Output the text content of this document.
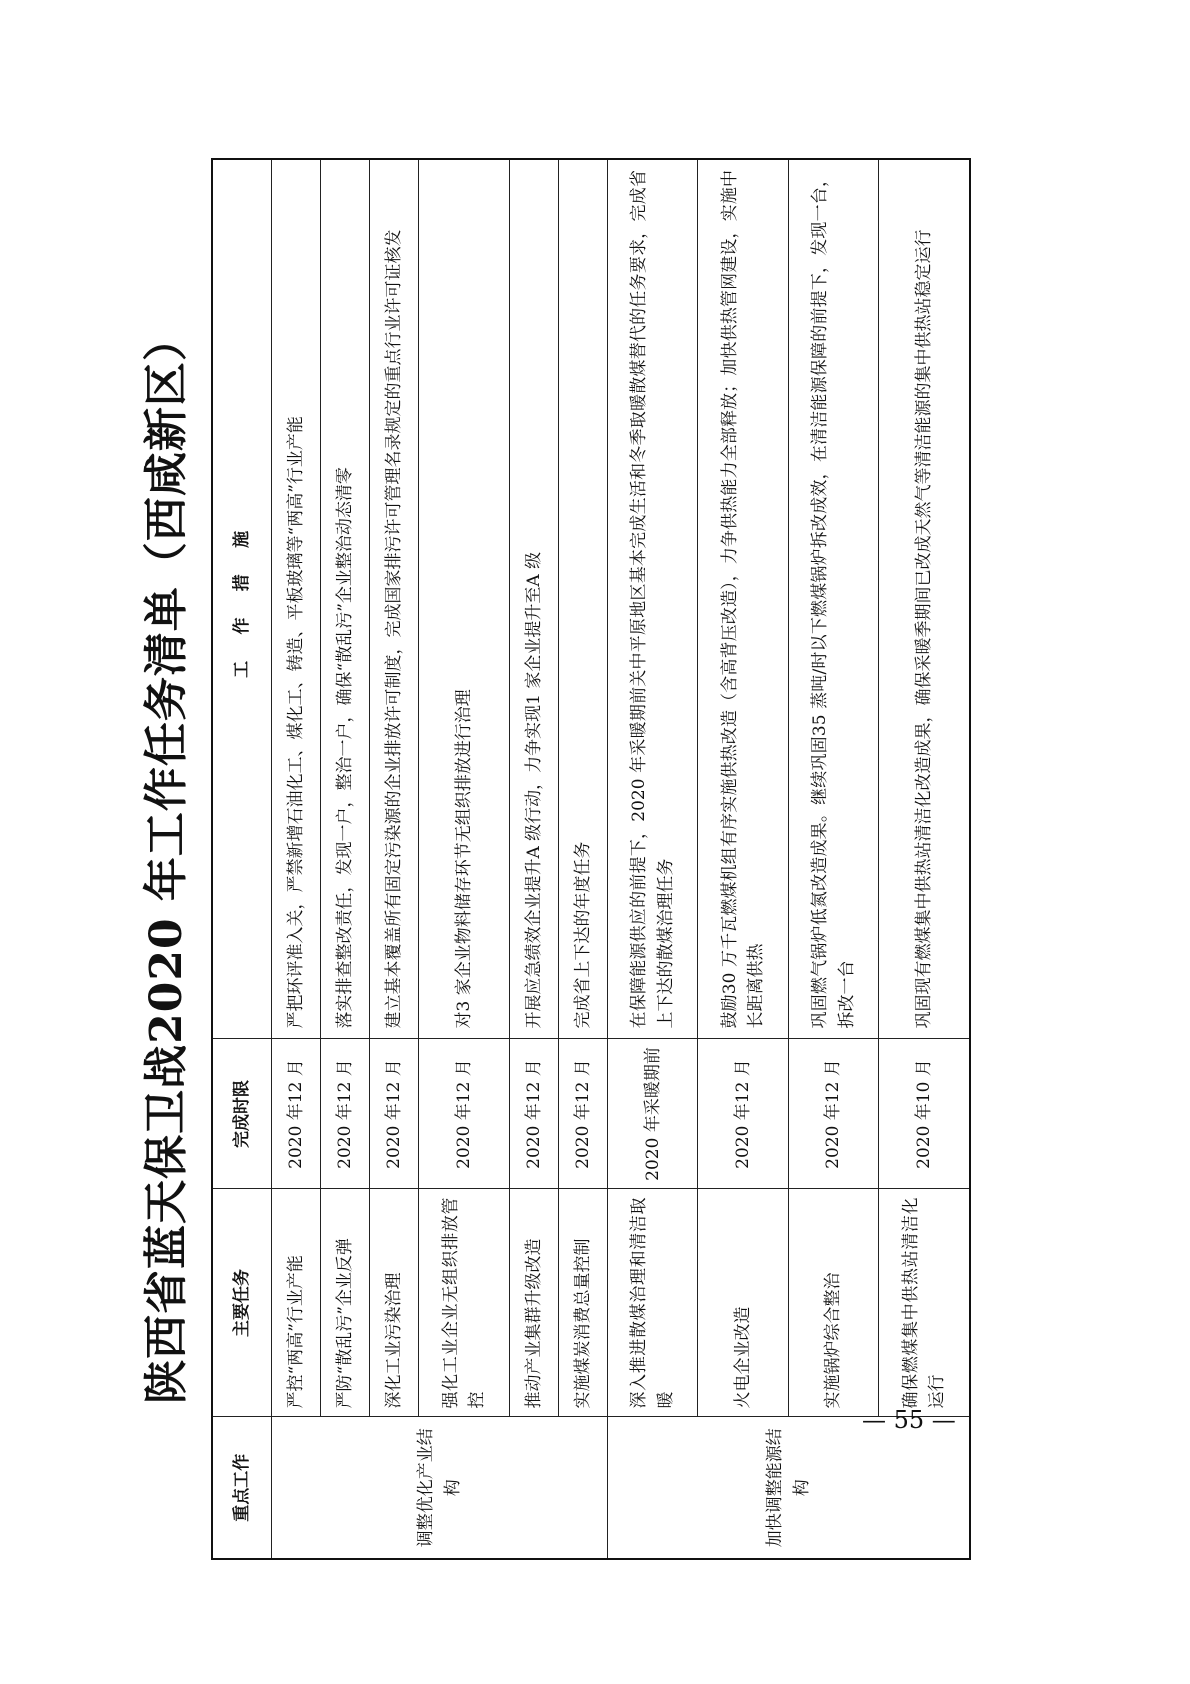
陕西省蓝天保卫战2020 年工作任务清单（西咸新区）
重点工作	主要任务	完成时限	工 作 措 施
调整优化产业结构	严控“两高”行业产能	2020 年12 月	严把环评准入关，严禁新增石油化工、煤化工、铸造、平板玻璃等“两高”行业产能
	严防“散乱污”企业反弹	2020 年12 月	落实排查整改责任，发现一户，整治一户，确保“散乱污”企业整治动态清零
	深化工业污染治理	2020 年12 月	建立基本覆盖所有固定污染源的企业排放许可制度，完成国家排污许可管理名录规定的重点行业许可证核发
	强化工业企业无组织排放管控	2020 年12 月	对3 家企业物料储存环节无组织排放进行治理
	推动产业集群升级改造	2020 年12 月	开展应急绩效企业提升A 级行动，力争实现1 家企业提升至A 级
	实施煤炭消费总量控制	2020 年12 月	完成省上下达的年度任务
加快调整能源结构	深入推进散煤治理和清洁取暖	2020 年采暖期前	在保障能源供应的前提下，2020 年采暖期前关中平原地区基本完成生活和冬季取暖散煤替代的任务要求，完成省上下达的散煤治理任务
	火电企业改造	2020 年12 月	鼓励30 万千瓦燃煤机组有序实施供热改造（含高背压改造），力争供热能力全部释放；加快供热管网建设，实施中长距离供热
	实施锅炉综合整治	2020 年12 月	巩固燃气锅炉低氮改造成果。继续巩固35 蒸吨/时以下燃煤锅炉拆改成效，在清洁能源保障的前提下，发现一台，拆改一台
	确保燃煤集中供热站清洁化运行	2020 年10 月	巩固现有燃煤集中供热站清洁化改造成果，确保采暖季期间已改成天然气等清洁能源的集中供热站稳定运行
— 55 —
